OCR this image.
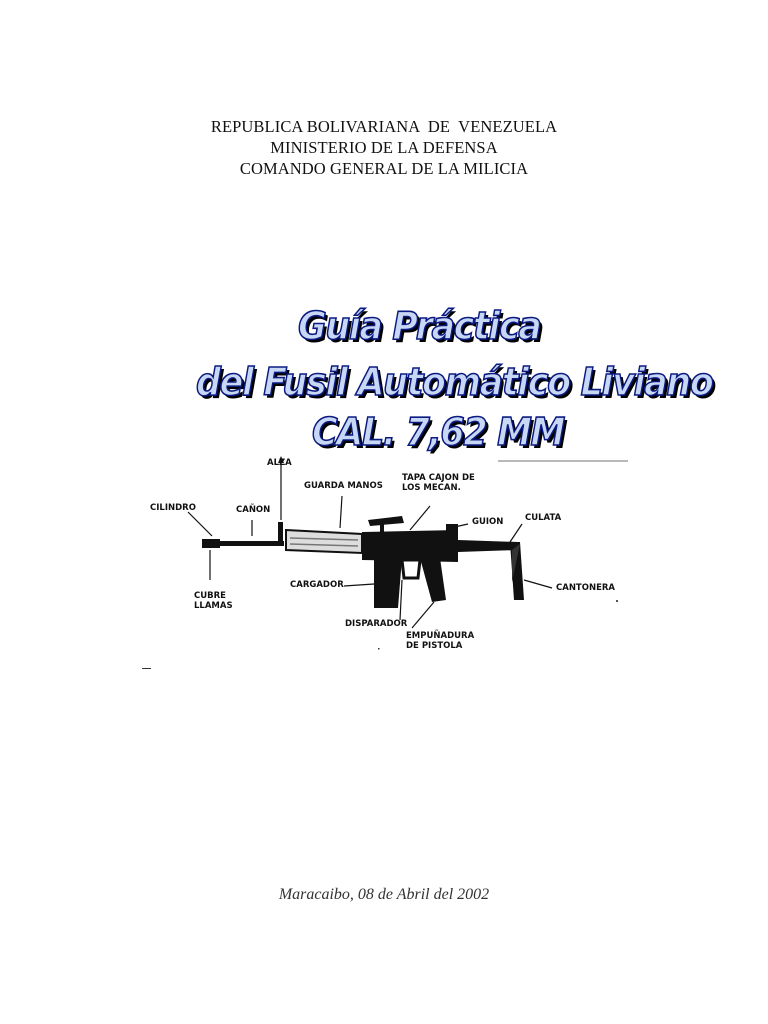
REPUBLICA BOLIVARIANA  DE  VENEZUELA
MINISTERIO DE LA DEFENSA
COMANDO GENERAL DE LA MILICIA
Guía Práctica
del Fusil Automático Liviano
CAL. 7,62 MM
CILINDRO	CAÑON
ALZA
GUARDA MANOS
TAPA CAJON DE
LOS MECAN.
GUION	CULATA
CUBRE
LLAMAS
CARGADOR	CANTONERA
DISPARADOR
EMPUÑADURA
DE PISTOLA
Maracaibo, 08 de Abril del 2002
